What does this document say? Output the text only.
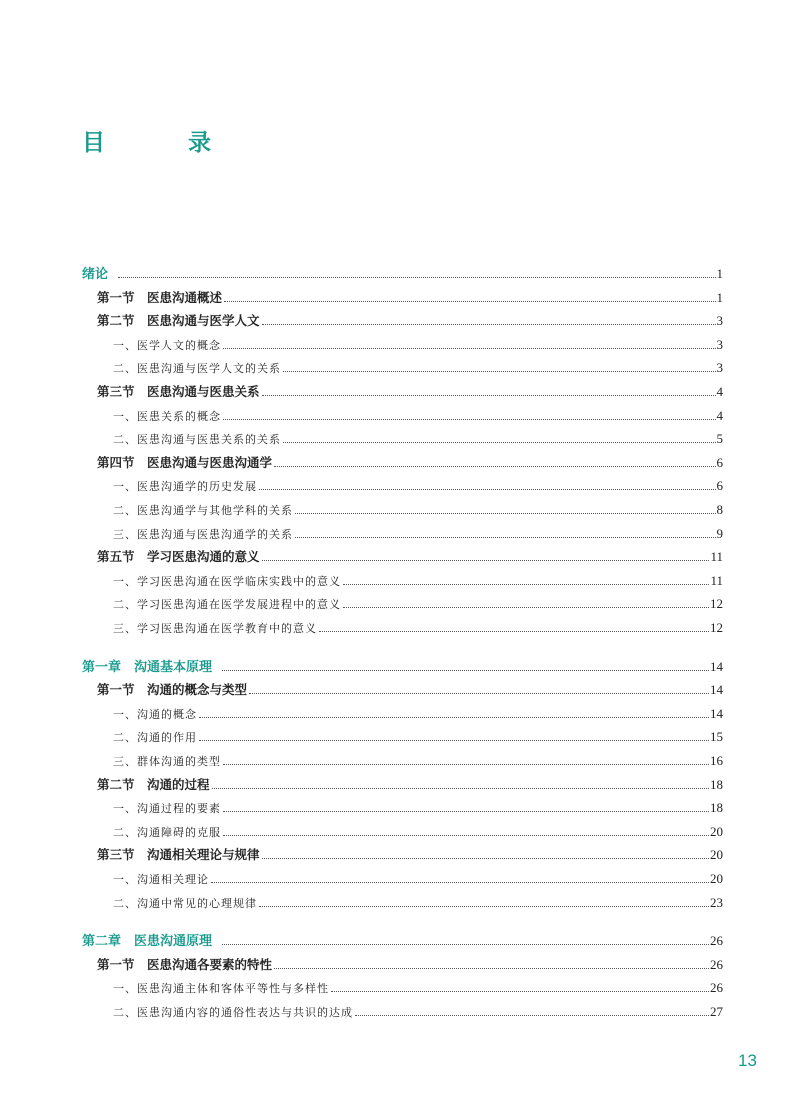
目　录
绪论	1
第一节　医患沟通概述	1
第二节　医患沟通与医学人文	3
一、医学人文的概念	3
二、医患沟通与医学人文的关系	3
第三节　医患沟通与医患关系	4
一、医患关系的概念	4
二、医患沟通与医患关系的关系	5
第四节　医患沟通与医患沟通学	6
一、医患沟通学的历史发展	6
二、医患沟通学与其他学科的关系	8
三、医患沟通与医患沟通学的关系	9
第五节　学习医患沟通的意义	11
一、学习医患沟通在医学临床实践中的意义	11
二、学习医患沟通在医学发展进程中的意义	12
三、学习医患沟通在医学教育中的意义	12
第一章　沟通基本原理	14
第一节　沟通的概念与类型	14
一、沟通的概念	14
二、沟通的作用	15
三、群体沟通的类型	16
第二节　沟通的过程	18
一、沟通过程的要素	18
二、沟通障碍的克服	20
第三节　沟通相关理论与规律	20
一、沟通相关理论	20
二、沟通中常见的心理规律	23
第二章　医患沟通原理	26
第一节　医患沟通各要素的特性	26
一、医患沟通主体和客体平等性与多样性	26
二、医患沟通内容的通俗性表达与共识的达成	27
13
